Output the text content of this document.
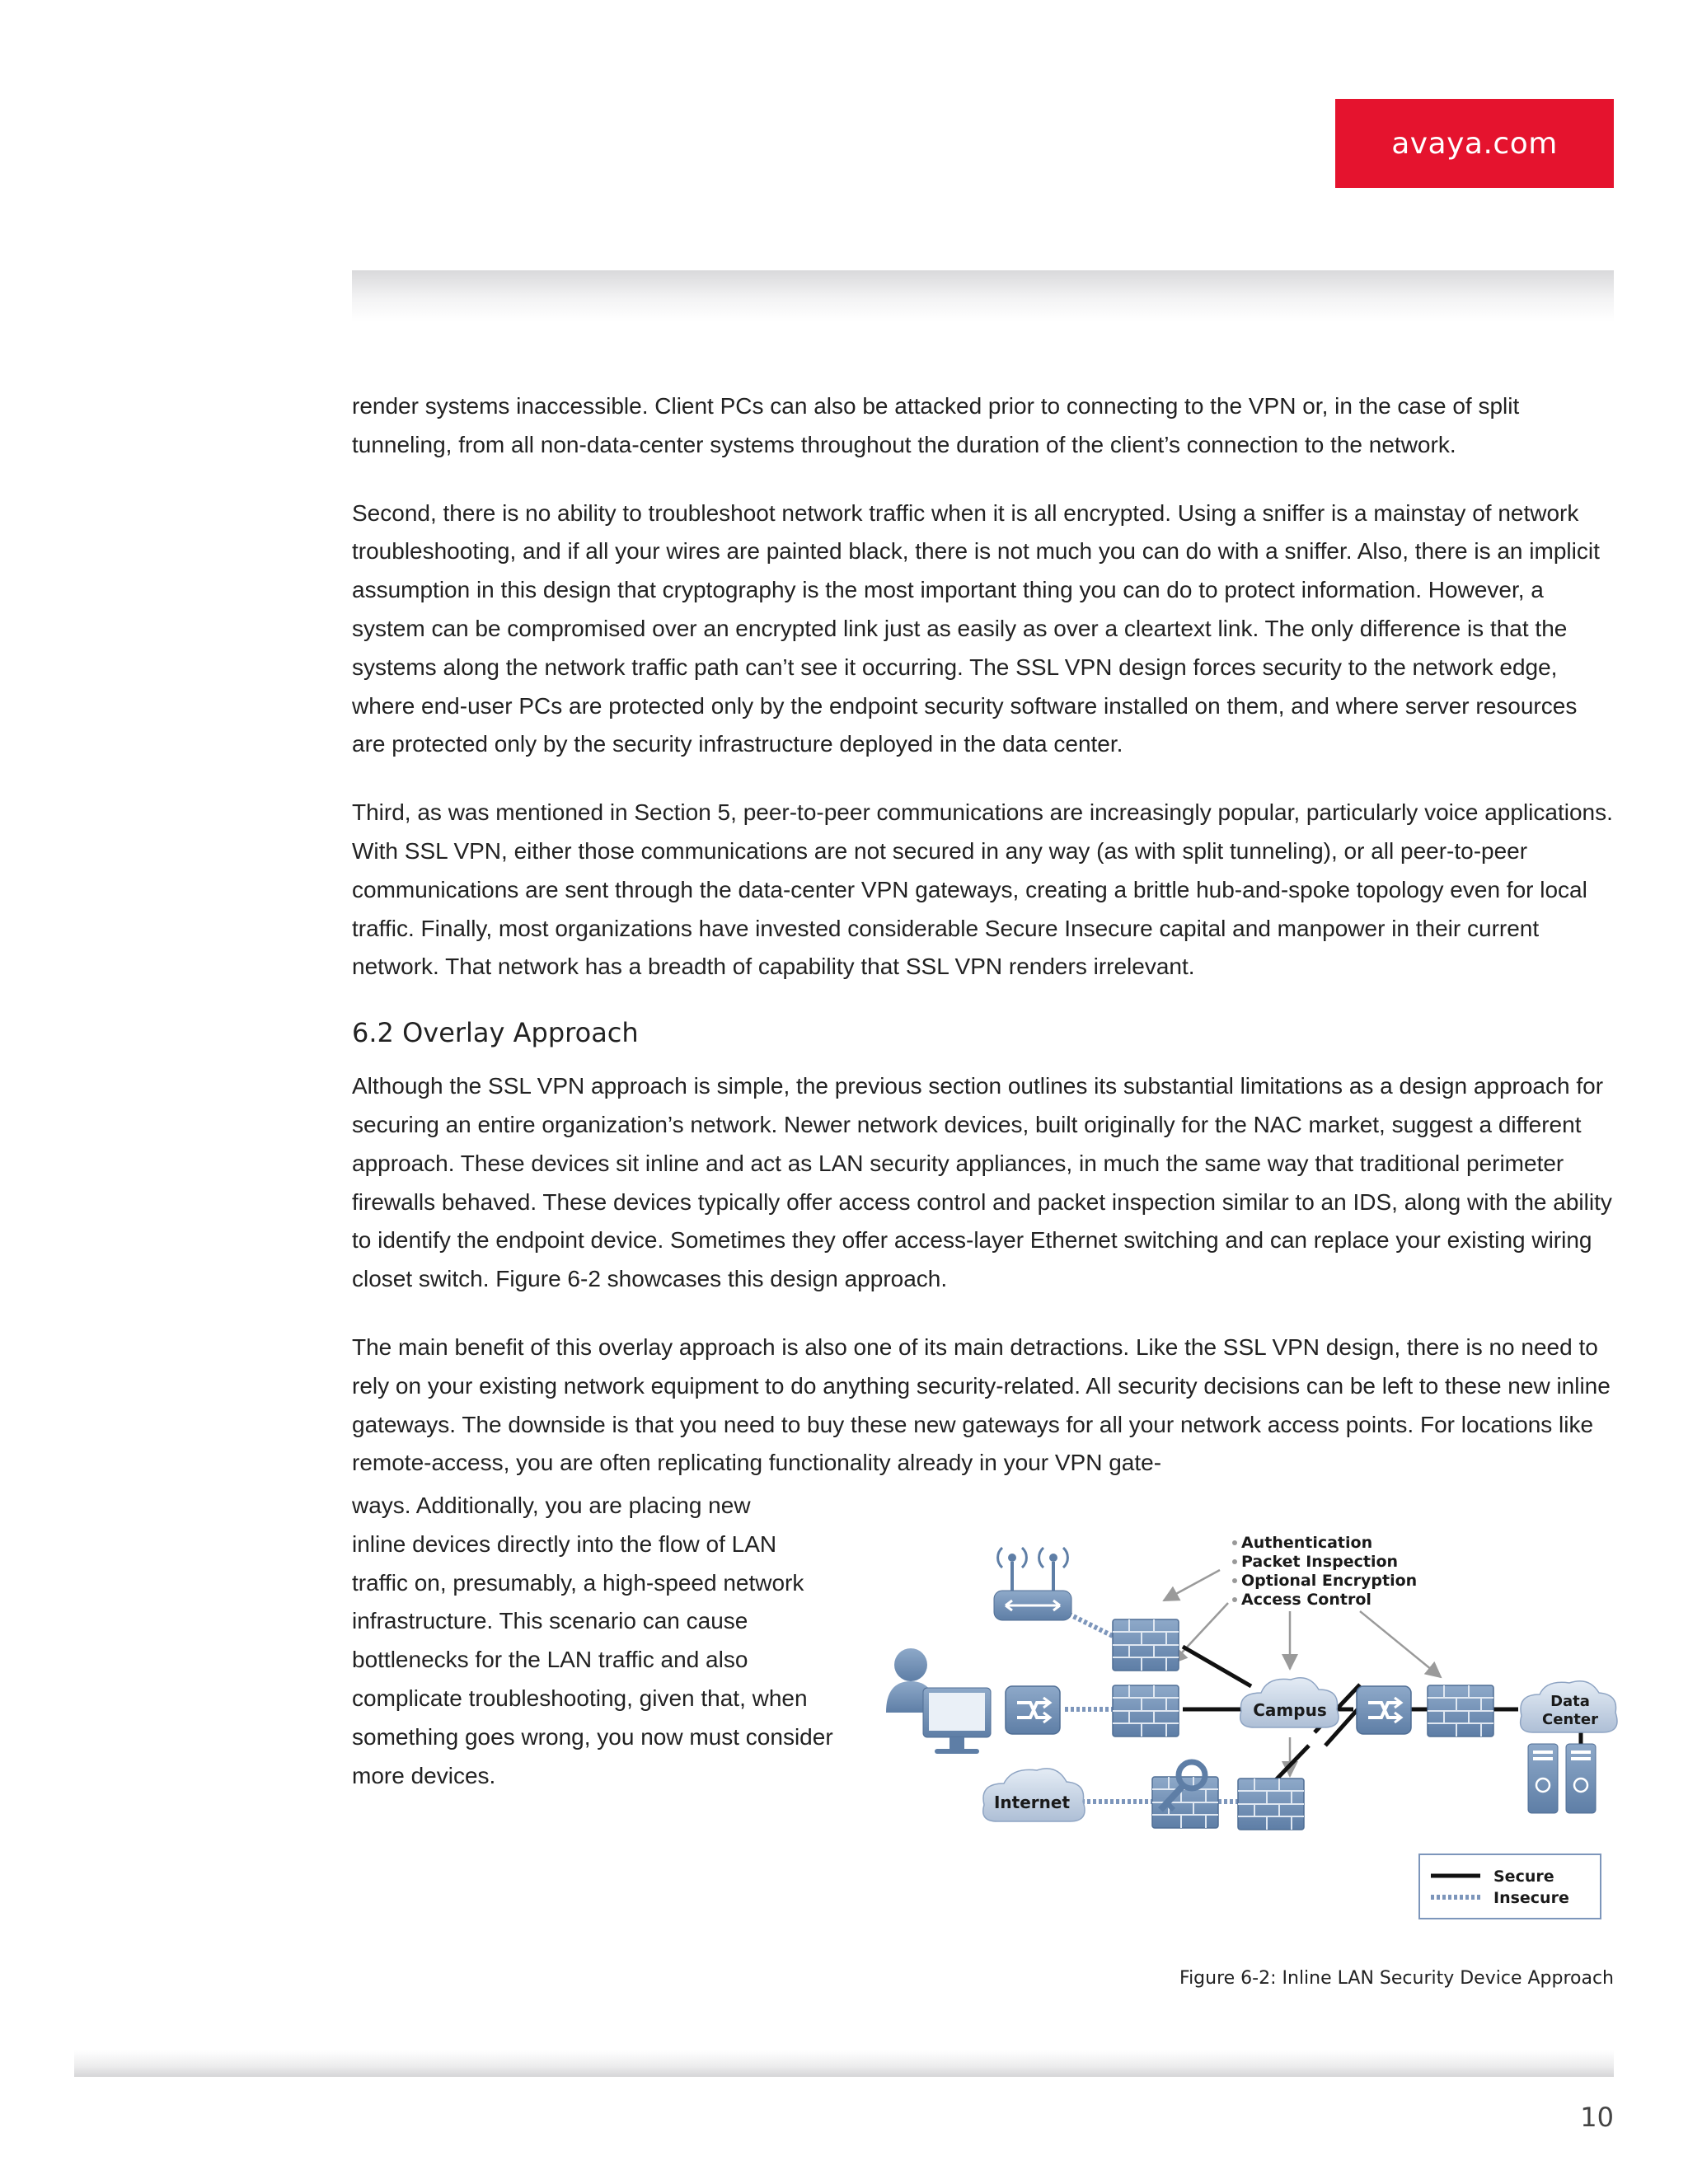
avaya.com

render systems inaccessible. Client PCs can also be attacked prior to connecting to the VPN or, in the case of split tunneling, from all non-data-center systems throughout the duration of the client’s connection to the network.

Second, there is no ability to troubleshoot network traffic when it is all encrypted. Using a sniffer is a mainstay of network troubleshooting, and if all your wires are painted black, there is not much you can do with a sniffer. Also, there is an implicit assumption in this design that cryptography is the most important thing you can do to protect information. However, a system can be compromised over an encrypted link just as easily as over a cleartext link. The only difference is that the systems along the network traffic path can’t see it occurring. The SSL VPN design forces security to the network edge, where end-user PCs are protected only by the endpoint security software installed on them, and where server resources are protected only by the security infrastructure deployed in the data center.

Third, as was mentioned in Section 5, peer-to-peer communications are increasingly popular, particularly voice applications. With SSL VPN, either those communications are not secured in any way (as with split tunneling), or all peer-to-peer communications are sent through the data-center VPN gateways, creating a brittle hub-and-spoke topology even for local traffic. Finally, most organizations have invested considerable Secure Insecure capital and manpower in their current network. That network has a breadth of capability that SSL VPN renders irrelevant.

6.2 Overlay Approach

Although the SSL VPN approach is simple, the previous section outlines its substantial limitations as a design approach for securing an entire organization’s network. Newer network devices, built originally for the NAC market, suggest a different approach. These devices sit inline and act as LAN security appliances, in much the same way that traditional perimeter firewalls behaved. These devices typically offer access control and packet inspection similar to an IDS, along with the ability to identify the endpoint device. Sometimes they offer access-layer Ethernet switching and can replace your existing wiring closet switch. Figure 6-2 showcases this design approach.

The main benefit of this overlay approach is also one of its main detractions. Like the SSL VPN design, there is no need to rely on your existing network equipment to do anything security-related. All security decisions can be left to these new inline gateways. The downside is that you need to buy these new gateways for all your network access points. For locations like remote-access, you are often replicating functionality already in your VPN gate-

ways. Additionally, you are placing new
inline devices directly into the flow of LAN
traffic on, presumably, a high-speed network
infrastructure. This scenario can cause
bottlenecks for the LAN traffic and also
complicate troubleshooting, given that, when
something goes wrong, you now must consider
more devices.
Authentication
Packet Inspection
Optional Encryption
Access Control
Campus	Data
Center
Internet
Secure
Insecure
Figure 6-2: Inline LAN Security Device Approach
10
